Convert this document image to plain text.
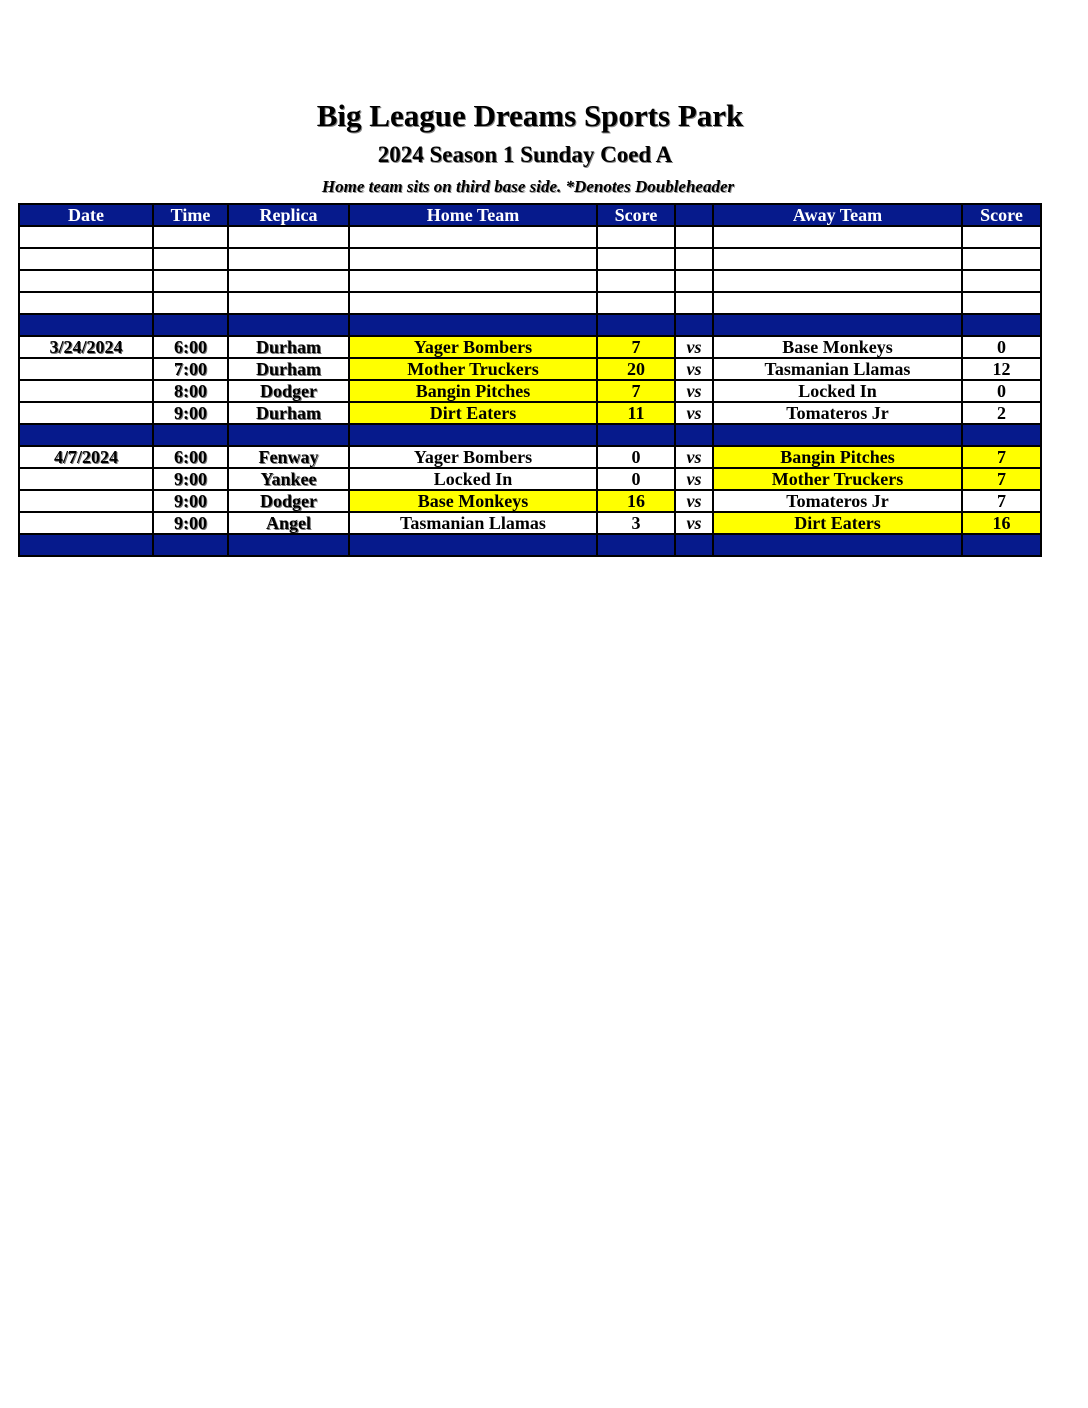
Big League Dreams Sports Park
2024 Season 1 Sunday Coed A
Home team sits on third base side. *Denotes Doubleheader
Date	Time	Replica	Home Team	Score		Away Team	Score

3/24/2024	6:00	Durham	Yager Bombers	7	vs	Base Monkeys	0
	7:00	Durham	Mother Truckers	20	vs	Tasmanian Llamas	12
	8:00	Dodger	Bangin Pitches	7	vs	Locked In	0
	9:00	Durham	Dirt Eaters	11	vs	Tomateros Jr	2

4/7/2024	6:00	Fenway	Yager Bombers	0	vs	Bangin Pitches	7
	9:00	Yankee	Locked In	0	vs	Mother Truckers	7
	9:00	Dodger	Base Monkeys	16	vs	Tomateros Jr	7
	9:00	Angel	Tasmanian Llamas	3	vs	Dirt Eaters	16
